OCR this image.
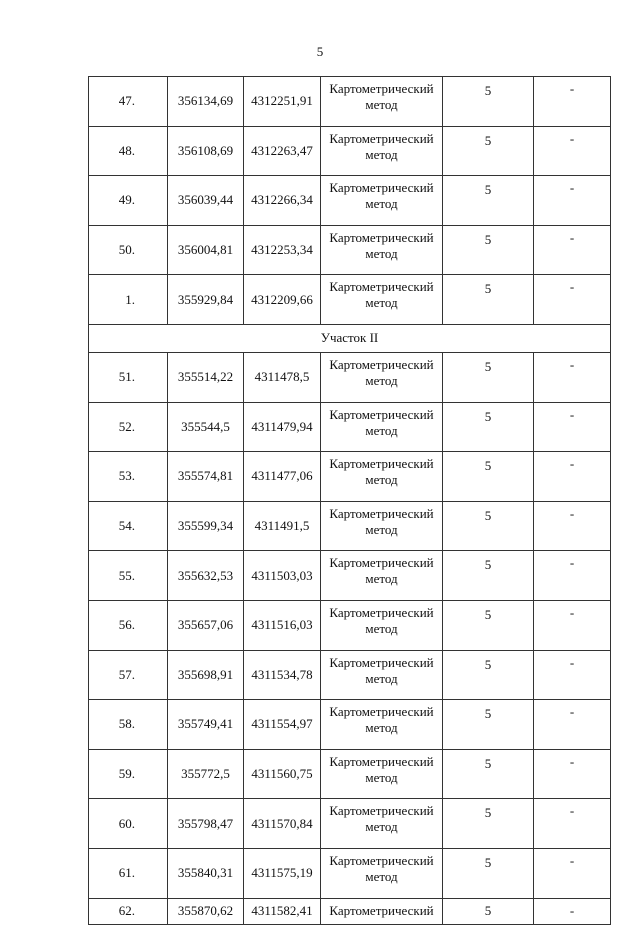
5
47.	356134,69	4312251,91	Картометрический метод	5	-
48.	356108,69	4312263,47	Картометрический метод	5	-
49.	356039,44	4312266,34	Картометрический метод	5	-
50.	356004,81	4312253,34	Картометрический метод	5	-
1.	355929,84	4312209,66	Картометрический метод	5	-
Участок II					
51.	355514,22	4311478,5	Картометрический метод	5	-
52.	355544,5	4311479,94	Картометрический метод	5	-
53.	355574,81	4311477,06	Картометрический метод	5	-
54.	355599,34	4311491,5	Картометрический метод	5	-
55.	355632,53	4311503,03	Картометрический метод	5	-
56.	355657,06	4311516,03	Картометрический метод	5	-
57.	355698,91	4311534,78	Картометрический метод	5	-
58.	355749,41	4311554,97	Картометрический метод	5	-
59.	355772,5	4311560,75	Картометрический метод	5	-
60.	355798,47	4311570,84	Картометрический метод	5	-
61.	355840,31	4311575,19	Картометрический метод	5	-
62.	355870,62	4311582,41	Картометрический	5	-
